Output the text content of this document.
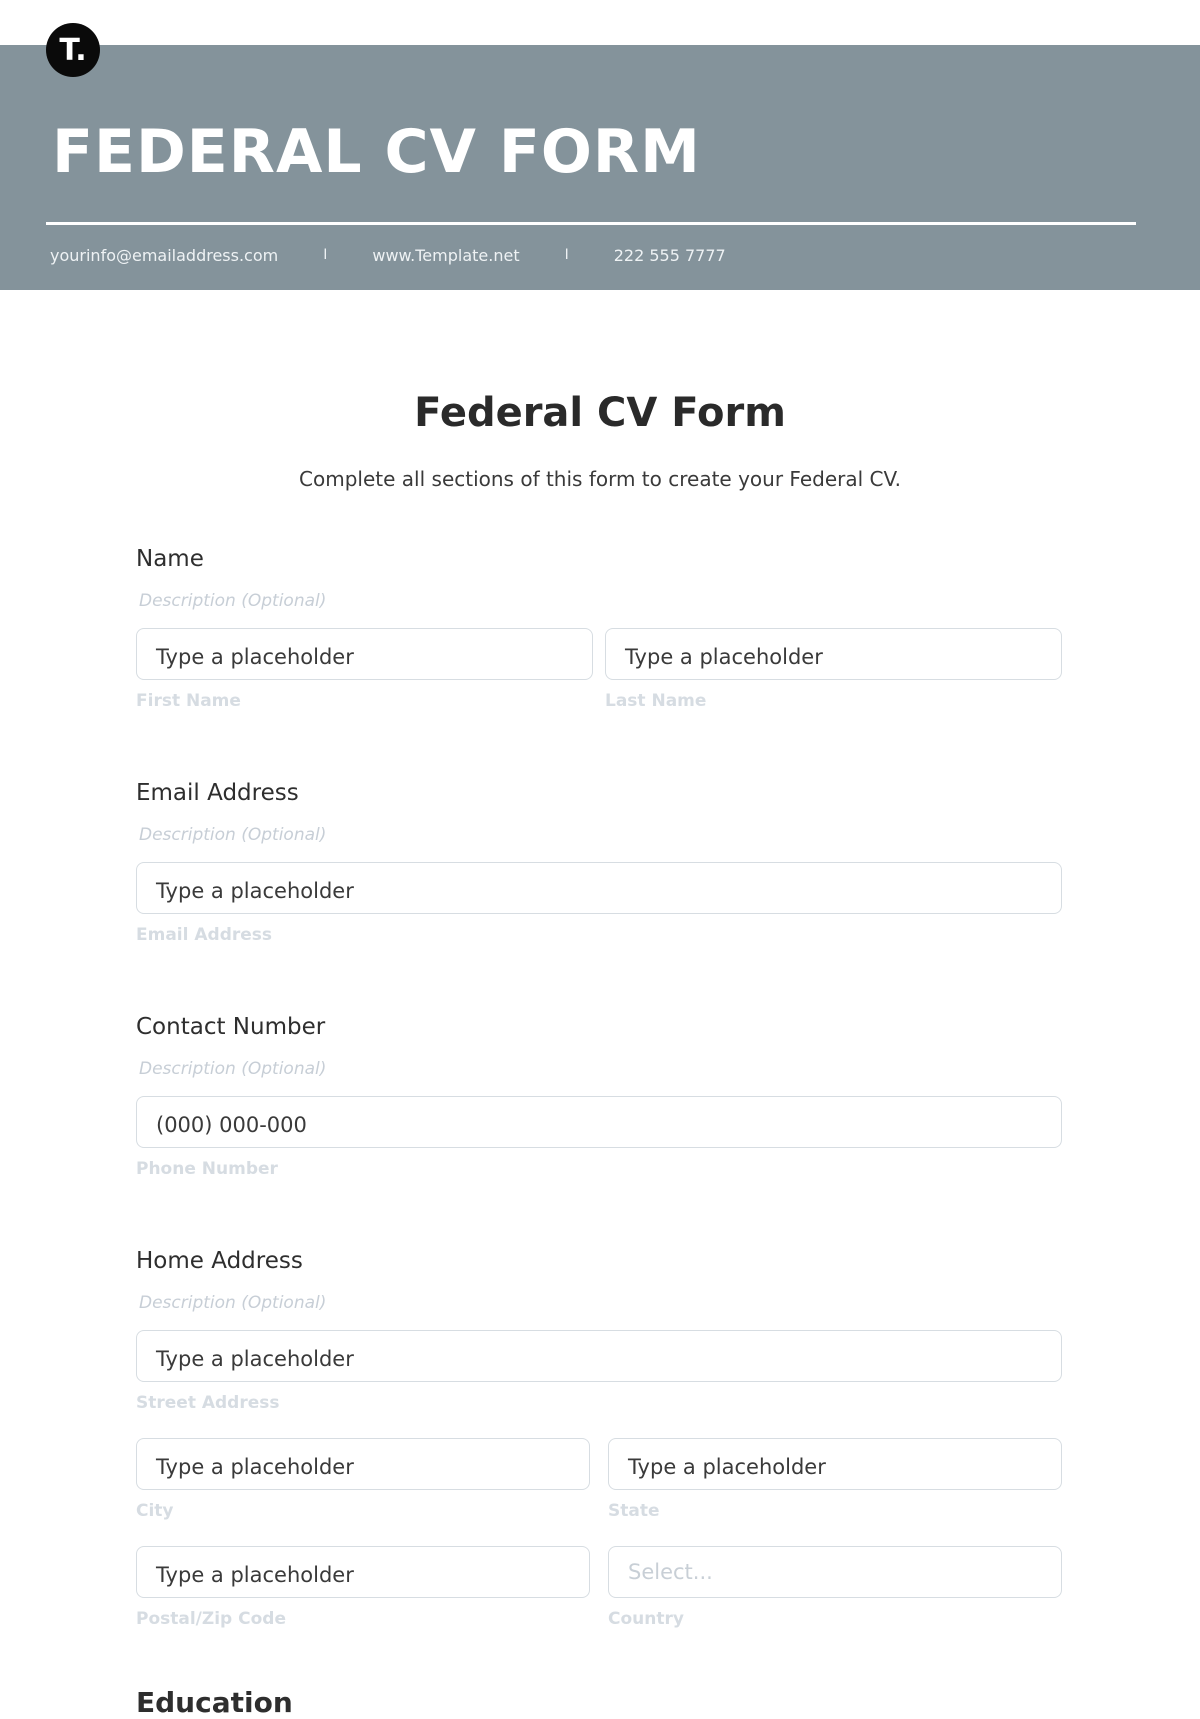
T.
FEDERAL CV FORM
yourinfo@emailaddress.com	I	www.Template.net	I	222 555 7777
Federal CV Form
Complete all sections of this form to create your Federal CV.
Name
Description (Optional)
Type a placeholder	Type a placeholder
First Name	Last Name
Email Address
Description (Optional)
Type a placeholder
Email Address
Contact Number
Description (Optional)
(000) 000-000
Phone Number
Home Address
Description (Optional)
Type a placeholder
Street Address
Type a placeholder	Type a placeholder
City	State
Type a placeholder	Select...
Postal/Zip Code	Country
Education
